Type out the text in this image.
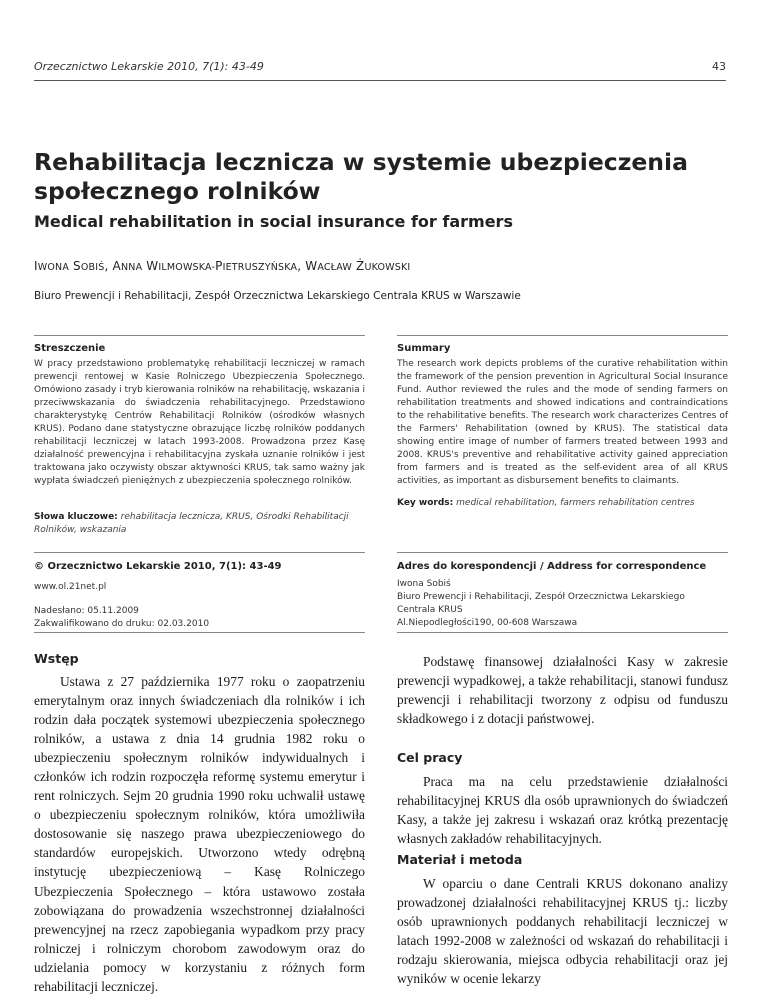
Orzecznictwo Lekarskie 2010, 7(1): 43-49	43
Rehabilitacja lecznicza w systemie ubezpieczenia społecznego rolników
Medical rehabilitation in social insurance for farmers
IWONA SOBIŚ, ANNA WILMOWSKA-PIETRUSZYŃSKA, WACŁAW ŻUKOWSKI
Biuro Prewencji i Rehabilitacji, Zespół Orzecznictwa Lekarskiego Centrala KRUS w Warszawie
Streszczenie

W pracy przedstawiono problematykę rehabilitacji leczniczej w ramach prewencji rentowej w Kasie Rolniczego Ubezpieczenia Społecznego. Omówiono zasady i tryb kierowania rolników na rehabilitację, wskazania i przeciwwskazania do świadczenia rehabilitacyjnego. Przedstawiono charakterystykę Centrów Rehabilitacji Rolników (ośrodków własnych KRUS). Podano dane statystyczne obrazujące liczbę rolników poddanych rehabilitacji leczniczej w latach 1993-2008. Prowadzona przez Kasę działalność prewencyjna i rehabilitacyjna zyskała uznanie rolników i jest traktowana jako oczywisty obszar aktywności KRUS, tak samo ważny jak wypłata świadczeń pieniężnych z ubezpieczenia społecznego rolników.

Słowa kluczowe: rehabilitacja lecznicza, KRUS, Ośrodki Rehabilitacji Rolników, wskazania
Summary

The research work depicts problems of the curative rehabilitation within the framework of the pension prevention in Agricultural Social Insurance Fund. Author reviewed the rules and the mode of sending farmers on rehabilitation treatments and showed indications and contraindications to the rehabilitative benefits. The research work characterizes Centres of the Farmers' Rehabilitation (owned by KRUS). The statistical data showing entire image of number of farmers treated between 1993 and 2008. KRUS's preventive and rehabilitative activity gained appreciation from farmers and is treated as the self-evident area of all KRUS activities, as important as disbursement benefits to claimants.

Key words: medical rehabilitation, farmers rehabilitation centres
© Orzecznictwo Lekarskie 2010, 7(1): 43-49
www.ol.21net.pl
Nadesłano: 05.11.2009
Zakwalifikowano do druku: 02.03.2010
Adres do korespondencji / Address for correspondence
Iwona Sobiś
Biuro Prewencji i Rehabilitacji, Zespół Orzecznictwa Lekarskiego
Centrala KRUS
Al.Niepodległości190, 00-608 Warszawa
Wstęp

Ustawa z 27 października 1977 roku o zaopatrzeniu emerytalnym oraz innych świadczeniach dla rolników i ich rodzin dała początek systemowi ubezpieczenia społecznego rolników, a ustawa z dnia 14 grudnia 1982 roku o ubezpieczeniu społecznym rolników indywidualnych i członków ich rodzin rozpoczęła reformę systemu emerytur i rent rolniczych. Sejm 20 grudnia 1990 roku uchwalił ustawę o ubezpieczeniu społecznym rolników, która umożliwiła dostosowanie się naszego prawa ubezpieczeniowego do standardów europejskich. Utworzono wtedy odrębną instytucję ubezpieczeniową – Kasę Rolniczego Ubezpieczenia Społecznego – która ustawowo została zobowiązana do prowadzenia wszechstronnej działalności prewencyjnej na rzecz zapobiegania wypadkom przy pracy rolniczej i rolniczym chorobom zawodowym oraz do udzielania pomocy w korzystaniu z różnych form rehabilitacji leczniczej.

Podstawę finansowej działalności Kasy w zakresie prewencji wypadkowej, a także rehabilitacji, stanowi fundusz prewencji i rehabilitacji tworzony z odpisu od funduszu składkowego i z dotacji państwowej.

Cel pracy

Praca ma na celu przedstawienie działalności rehabilitacyjnej KRUS dla osób uprawnionych do świadczeń Kasy, a także jej zakresu i wskazań oraz krótką prezentację własnych zakładów rehabilitacyjnych.

Materiał i metoda

W oparciu o dane Centrali KRUS dokonano analizy prowadzonej działalności rehabilitacyjnej KRUS tj.: liczby osób uprawnionych poddanych rehabilitacji leczniczej w latach 1992-2008 w zależności od wskazań do rehabilitacji i rodzaju skierowania, miejsca odbycia rehabilitacji oraz jej wyników w ocenie lekarzy
